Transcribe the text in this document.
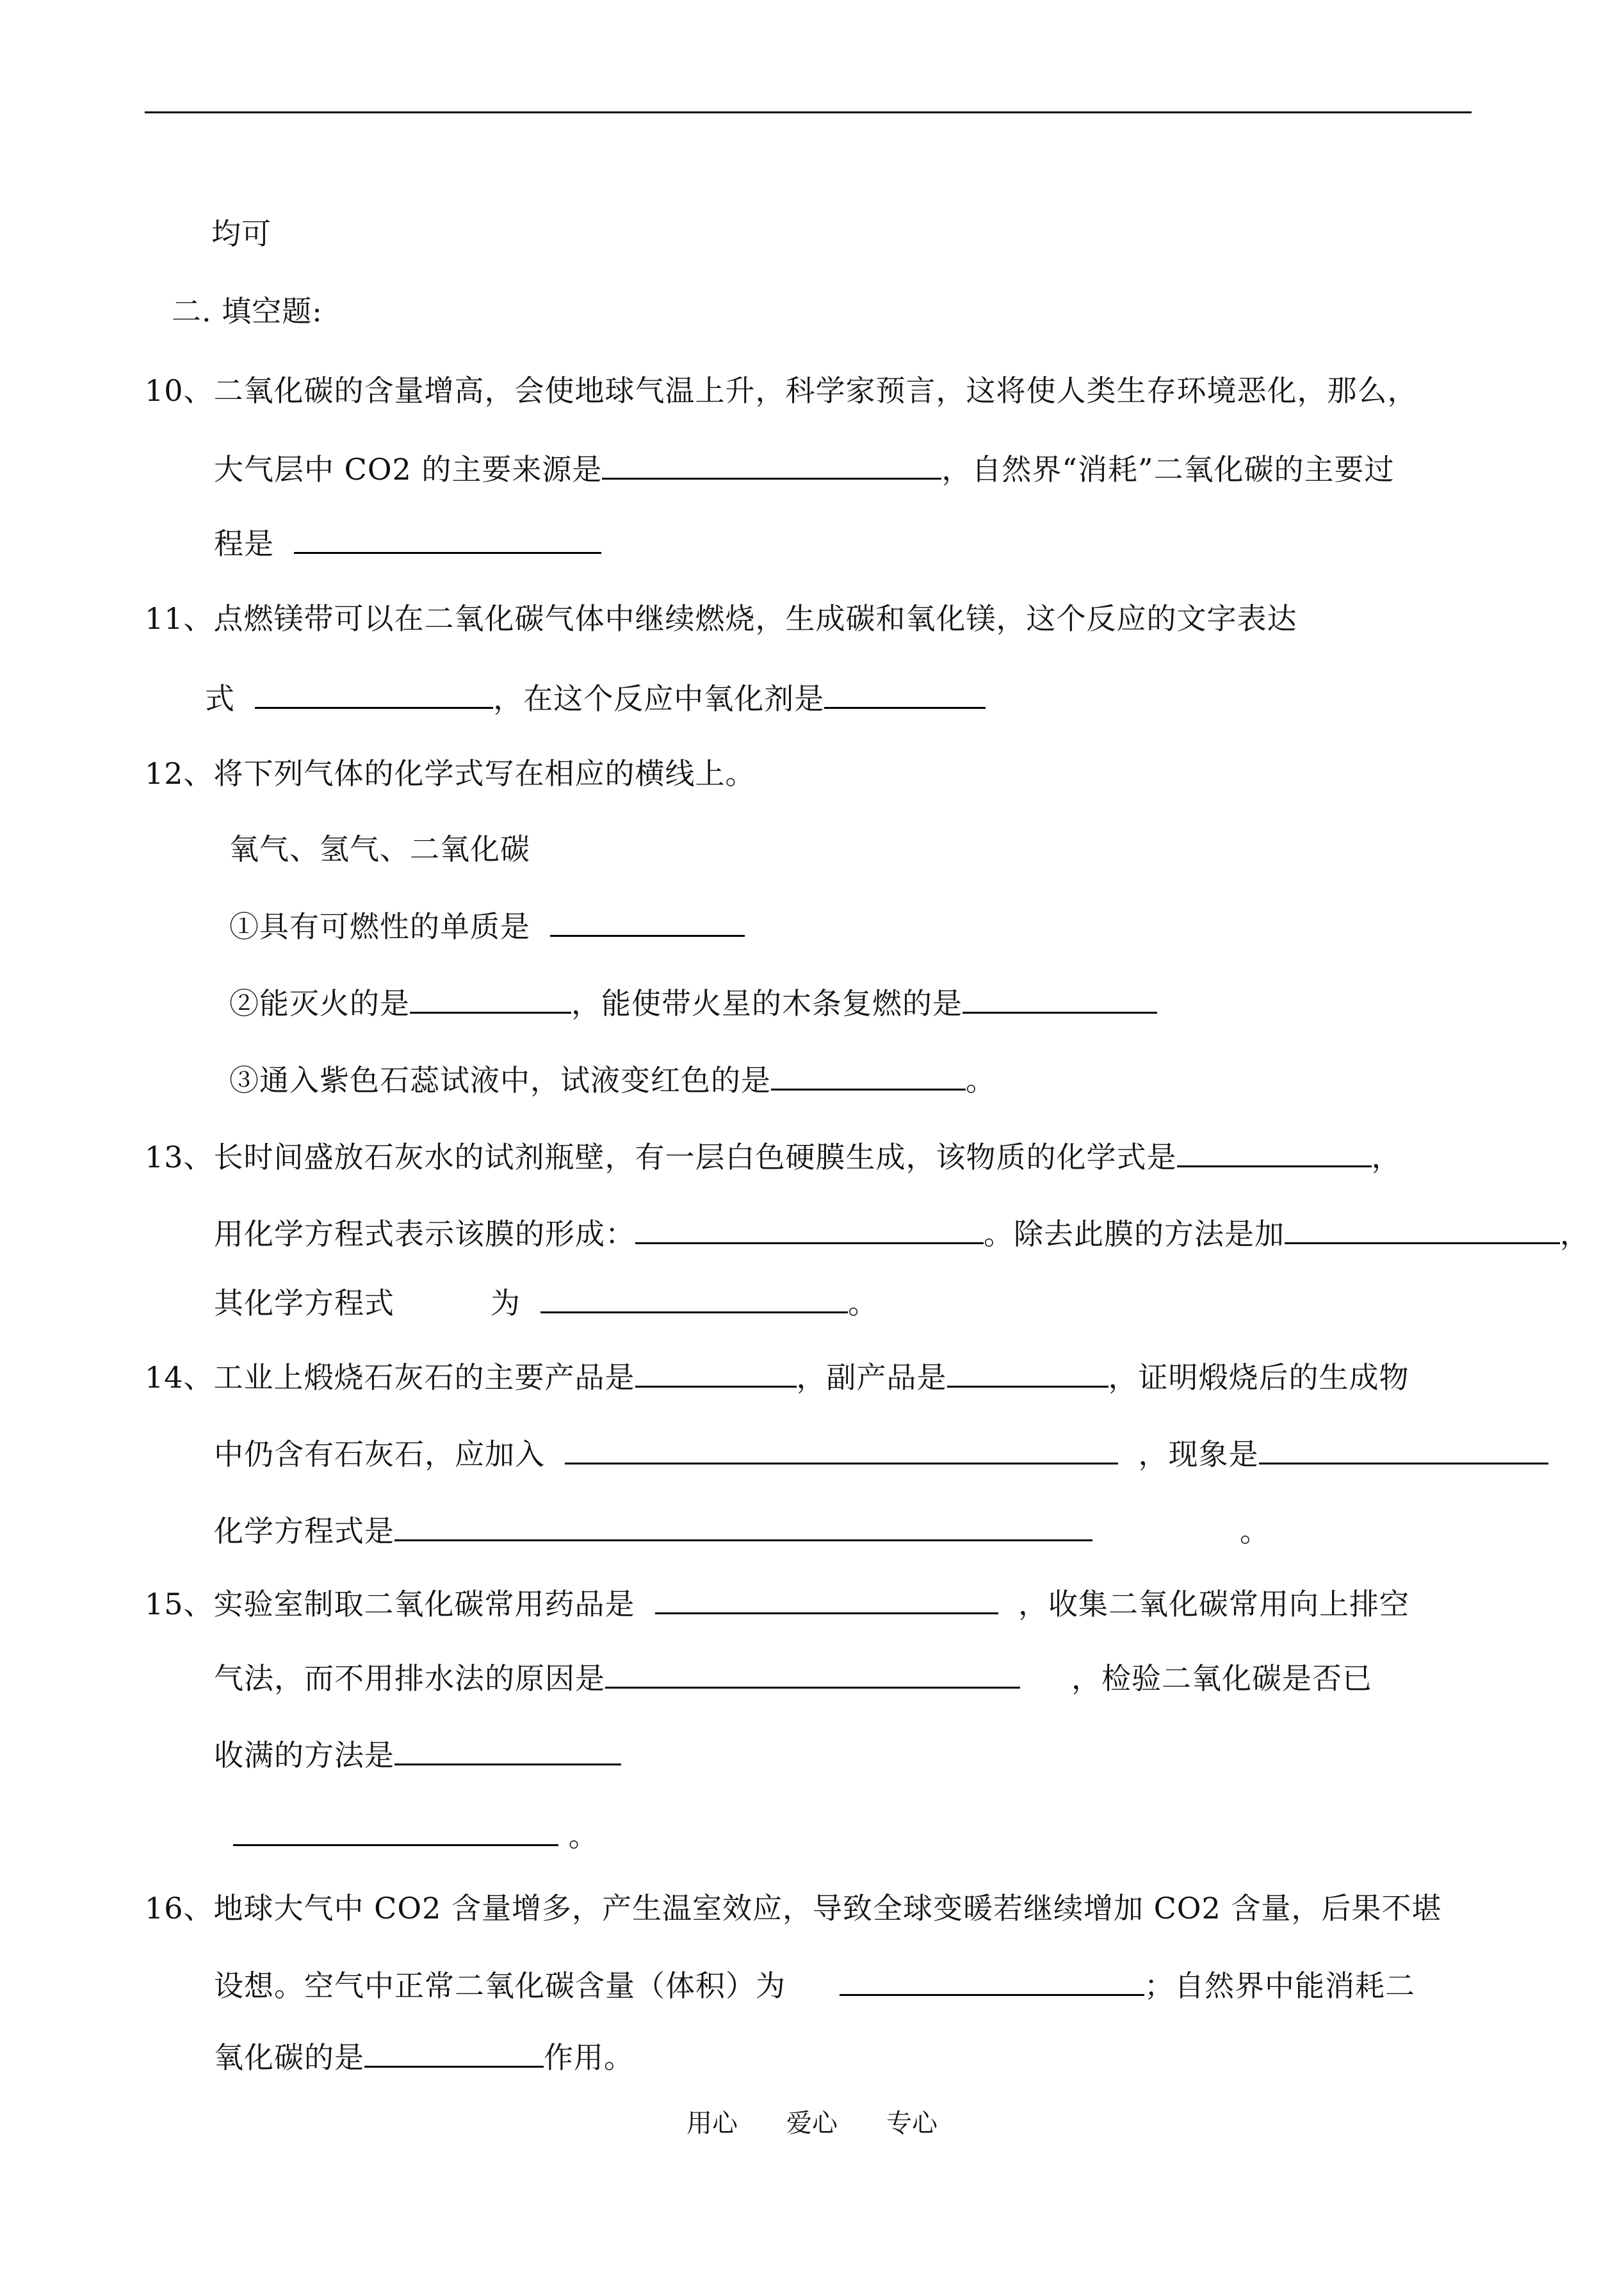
均可
二. 填空题:
10、二氧化碳的含量增高，会使地球气温上升，科学家预言，这将使人类生存环境恶化，那么，
大气层中 CO2 的主要来源是	，自然界“消耗”二氧化碳的主要过
程是
11、点燃镁带可以在二氧化碳气体中继续燃烧，生成碳和氧化镁，这个反应的文字表达
式	，在这个反应中氧化剂是
12、将下列气体的化学式写在相应的横线上。
氧气、氢气、二氧化碳
①具有可燃性的单质是
②能灭火的是	，能使带火星的木条复燃的是
③通入紫色石蕊试液中，试液变红色的是	。
13、长时间盛放石灰水的试剂瓶壁，有一层白色硬膜生成，该物质的化学式是	，
用化学方程式表示该膜的形成：	。除去此膜的方法是加	，
其化学方程式	为	。
14、工业上煅烧石灰石的主要产品是	，副产品是	，证明煅烧后的生成物
中仍含有石灰石，应加入	，现象是
化学方程式是	。
15、实验室制取二氧化碳常用药品是	，收集二氧化碳常用向上排空
气法，而不用排水法的原因是	，检验二氧化碳是否已
收满的方法是
。
16、地球大气中 CO2 含量增多，产生温室效应，导致全球变暖若继续增加 CO2 含量，后果不堪
设想。空气中正常二氧化碳含量（体积）为	；自然界中能消耗二
氧化碳的是	作用。
用心 爱心 专心
